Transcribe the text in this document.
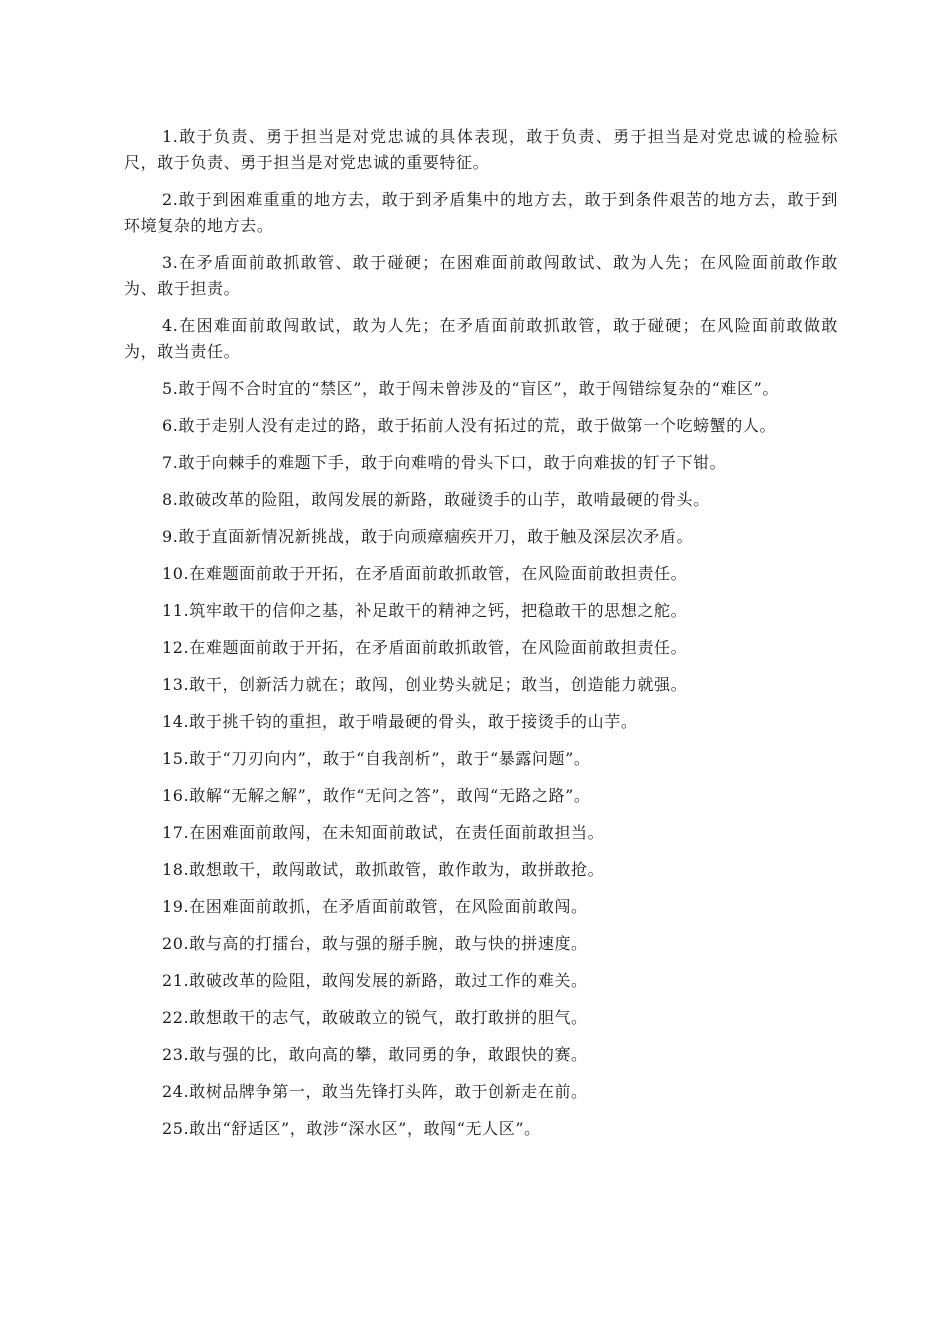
1.敢于负责、勇于担当是对党忠诚的具体表现，敢于负责、勇于担当是对党忠诚的检验标尺，敢于负责、勇于担当是对党忠诚的重要特征。

2.敢于到困难重重的地方去，敢于到矛盾集中的地方去，敢于到条件艰苦的地方去，敢于到环境复杂的地方去。

3.在矛盾面前敢抓敢管、敢于碰硬；在困难面前敢闯敢试、敢为人先；在风险面前敢作敢为、敢于担责。

4.在困难面前敢闯敢试，敢为人先；在矛盾面前敢抓敢管，敢于碰硬；在风险面前敢做敢为，敢当责任。

5.敢于闯不合时宜的“禁区”，敢于闯未曾涉及的“盲区”，敢于闯错综复杂的“难区”。

6.敢于走别人没有走过的路，敢于拓前人没有拓过的荒，敢于做第一个吃螃蟹的人。

7.敢于向棘手的难题下手，敢于向难啃的骨头下口，敢于向难拔的钉子下钳。

8.敢破改革的险阻，敢闯发展的新路，敢碰烫手的山芋，敢啃最硬的骨头。

9.敢于直面新情况新挑战，敢于向顽瘴痼疾开刀，敢于触及深层次矛盾。

10.在难题面前敢于开拓，在矛盾面前敢抓敢管，在风险面前敢担责任。

11.筑牢敢干的信仰之基，补足敢干的精神之钙，把稳敢干的思想之舵。

12.在难题面前敢于开拓，在矛盾面前敢抓敢管，在风险面前敢担责任。

13.敢干，创新活力就在；敢闯，创业势头就足；敢当，创造能力就强。

14.敢于挑千钧的重担，敢于啃最硬的骨头，敢于接烫手的山芋。

15.敢于“刀刃向内”，敢于“自我剖析”，敢于“暴露问题”。

16.敢解“无解之解”，敢作“无问之答”，敢闯“无路之路”。

17.在困难面前敢闯，在未知面前敢试，在责任面前敢担当。

18.敢想敢干，敢闯敢试，敢抓敢管，敢作敢为，敢拼敢抢。

19.在困难面前敢抓，在矛盾面前敢管，在风险面前敢闯。

20.敢与高的打擂台，敢与强的掰手腕，敢与快的拼速度。

21.敢破改革的险阻，敢闯发展的新路，敢过工作的难关。

22.敢想敢干的志气，敢破敢立的锐气，敢打敢拼的胆气。

23.敢与强的比，敢向高的攀，敢同勇的争，敢跟快的赛。

24.敢树品牌争第一，敢当先锋打头阵，敢于创新走在前。

25.敢出“舒适区”，敢涉“深水区”，敢闯“无人区”。
